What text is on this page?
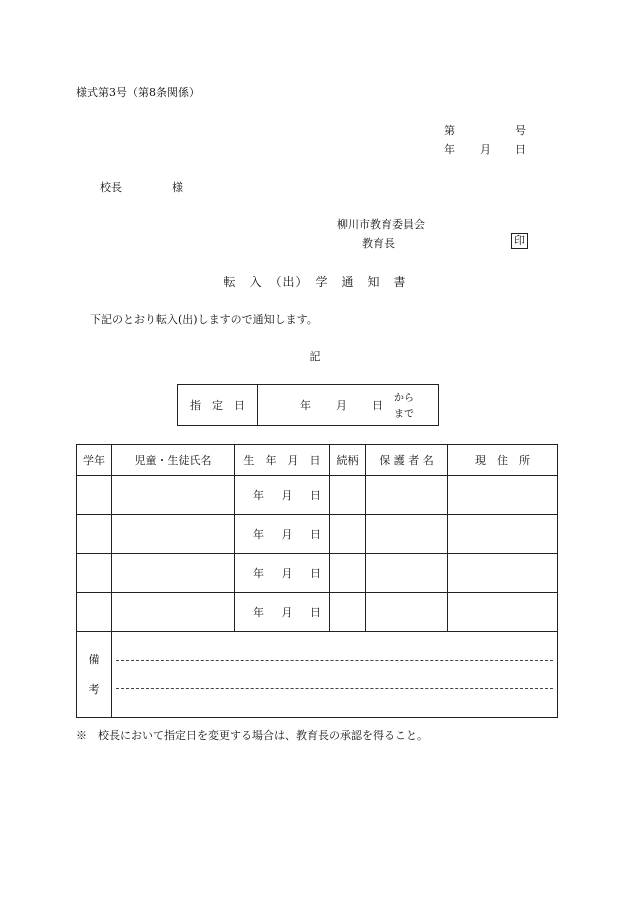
様式第3号（第8条関係）
第	号
年 月 日
校長	様
柳川市教育委員会
教育長	印
転　入　（出）　学　通　知　書
下記のとおり転入(出)しますので通知します。
記
指　定　日	年 月 日
から
まで
学年	児童・生徒氏名	生　年　月　日	続柄	保 護 者 名	現　住　所
		年 月 日			
		年 月 日			
		年 月 日			
		年 月 日			

備
考					

※　校長において指定日を変更する場合は、教育長の承認を得ること。
